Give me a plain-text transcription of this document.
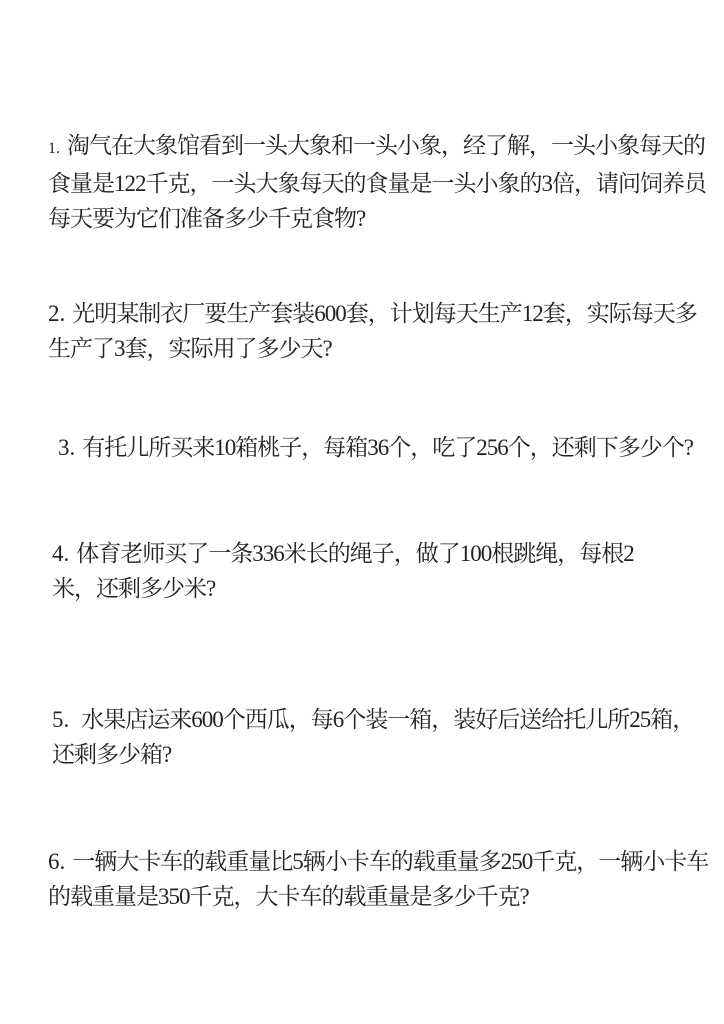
1. 淘气在大象馆看到一头大象和一头小象，经了解，一头小象每天的
食量是122千克，一头大象每天的食量是一头小象的3倍，请问饲养员
每天要为它们准备多少千克食物?
2. 光明某制衣厂要生产套装600套，计划每天生产12套，实际每天多
生产了3套，实际用了多少天?
3. 有托儿所买来10箱桃子，每箱36个，吃了256个，还剩下多少个?
4. 体育老师买了一条336米长的绳子，做了100根跳绳，每根2
米，还剩多少米?
5. 水果店运来600个西瓜，每6个装一箱，装好后送给托儿所25箱，
还剩多少箱?
6. 一辆大卡车的载重量比5辆小卡车的载重量多250千克，一辆小卡车
的载重量是350千克，大卡车的载重量是多少千克?
